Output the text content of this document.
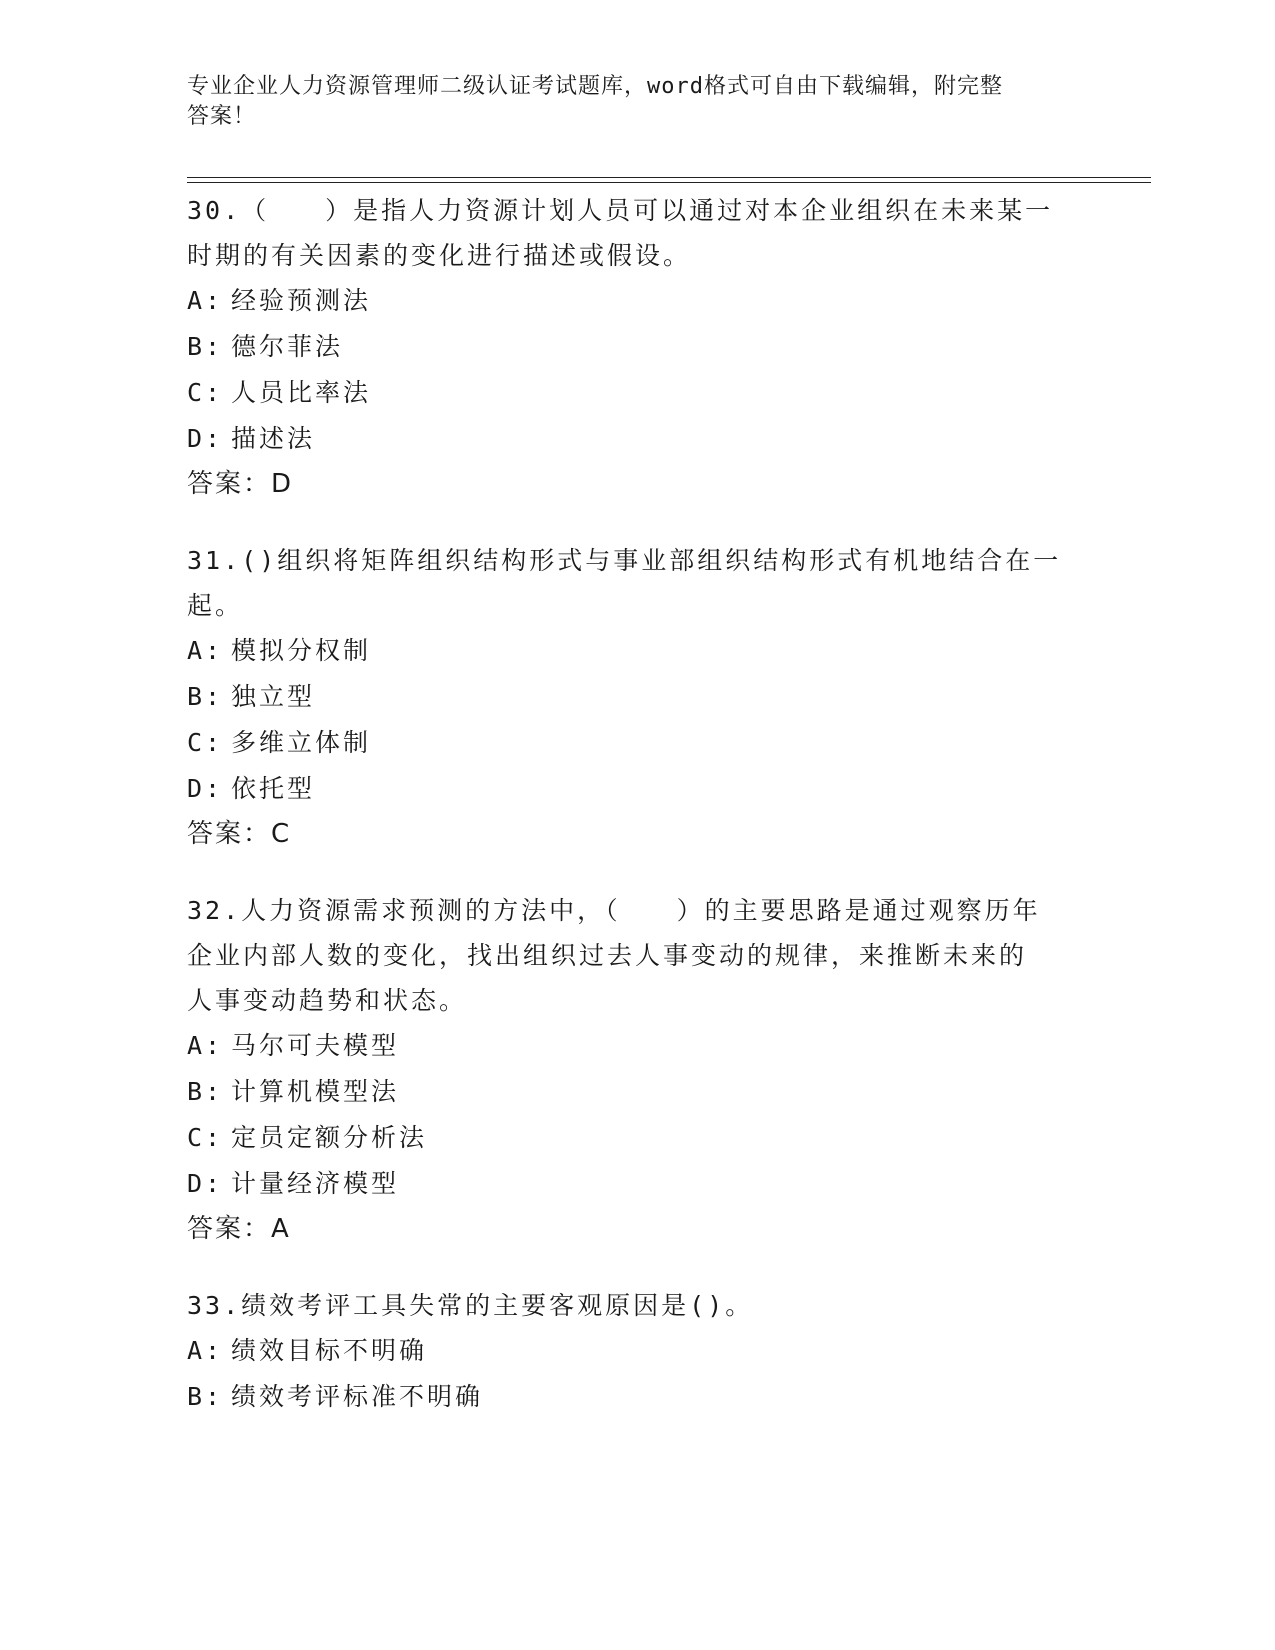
专业企业人力资源管理师二级认证考试题库，word格式可自由下载编辑，附完整
答案！
30.（　　）是指人力资源计划人员可以通过对本企业组织在未来某一
时期的有关因素的变化进行描述或假设。
A: 经验预测法
B: 德尔菲法
C: 人员比率法
D: 描述法
答案：D
31.()组织将矩阵组织结构形式与事业部组织结构形式有机地结合在一
起。
A: 模拟分权制
B: 独立型
C: 多维立体制
D: 依托型
答案：C
32.人力资源需求预测的方法中，（　　）的主要思路是通过观察历年
企业内部人数的变化，找出组织过去人事变动的规律，来推断未来的
人事变动趋势和状态。
A: 马尔可夫模型
B: 计算机模型法
C: 定员定额分析法
D: 计量经济模型
答案：A
33.绩效考评工具失常的主要客观原因是()。
A: 绩效目标不明确
B: 绩效考评标准不明确
